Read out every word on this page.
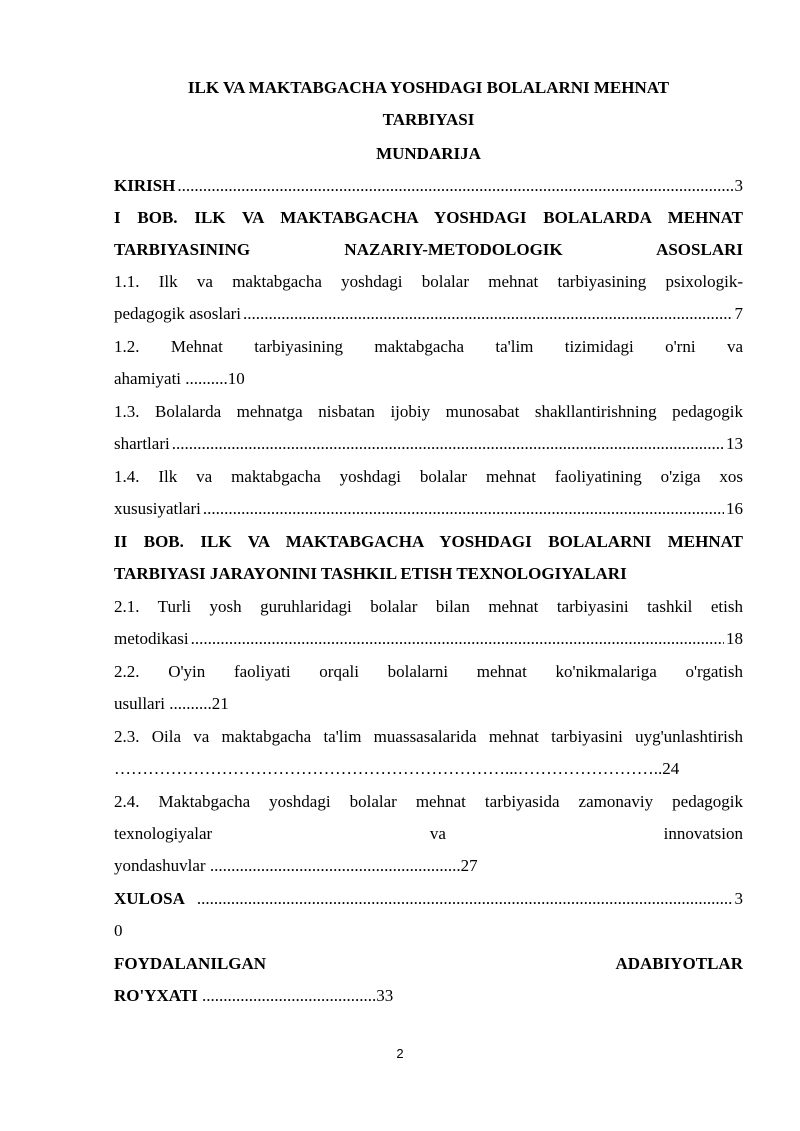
ILK VA MAKTABGACHA YOSHDAGI BOLALARNI MEHNAT
TARBIYASI
MUNDARIJA
KIRISH .....	3
I BOB. ILK VA MAKTABGACHA YOSHDAGI BOLALARDA MEHNAT
TARBIYASINING NAZARIY-METODOLOGIK ASOSLARI
1.1. Ilk va maktabgacha yoshdagi bolalar mehnat tarbiyasining psixologik-
pedagogik asoslari .....	7
1.2. Mehnat tarbiyasining maktabgacha ta'lim tizimidagi o'rni va
ahamiyati ..........10
1.3. Bolalarda mehnatga nisbatan ijobiy munosabat shakllantirishning pedagogik
shartlari .....	13
1.4. Ilk va maktabgacha yoshdagi bolalar mehnat faoliyatining o'ziga xos
xususiyatlari .....	16
II BOB. ILK VA MAKTABGACHA YOSHDAGI BOLALARNI MEHNAT
TARBIYASI JARAYONINI TASHKIL ETISH TEXNOLOGIYALARI
2.1. Turli yosh guruhlaridagi bolalar bilan mehnat tarbiyasini tashkil etish
metodikasi .....	18
2.2. O'yin faoliyati orqali bolalarni mehnat ko'nikmalariga o'rgatish
usullari ..........21
2.3. Oila va maktabgacha ta'lim muassasalarida mehnat tarbiyasini uyg'unlashtirish
……………………………………………………………...……………………..24
2.4. Maktabgacha yoshdagi bolalar mehnat tarbiyasida zamonaviy pedagogik
texnologiyalar	va	innovatsion
yondashuvlar ...........................................................27
XULOSA .....	3
0
FOYDALANILGAN	ADABIYOTLAR
RO'YXATI .........................................33
2
